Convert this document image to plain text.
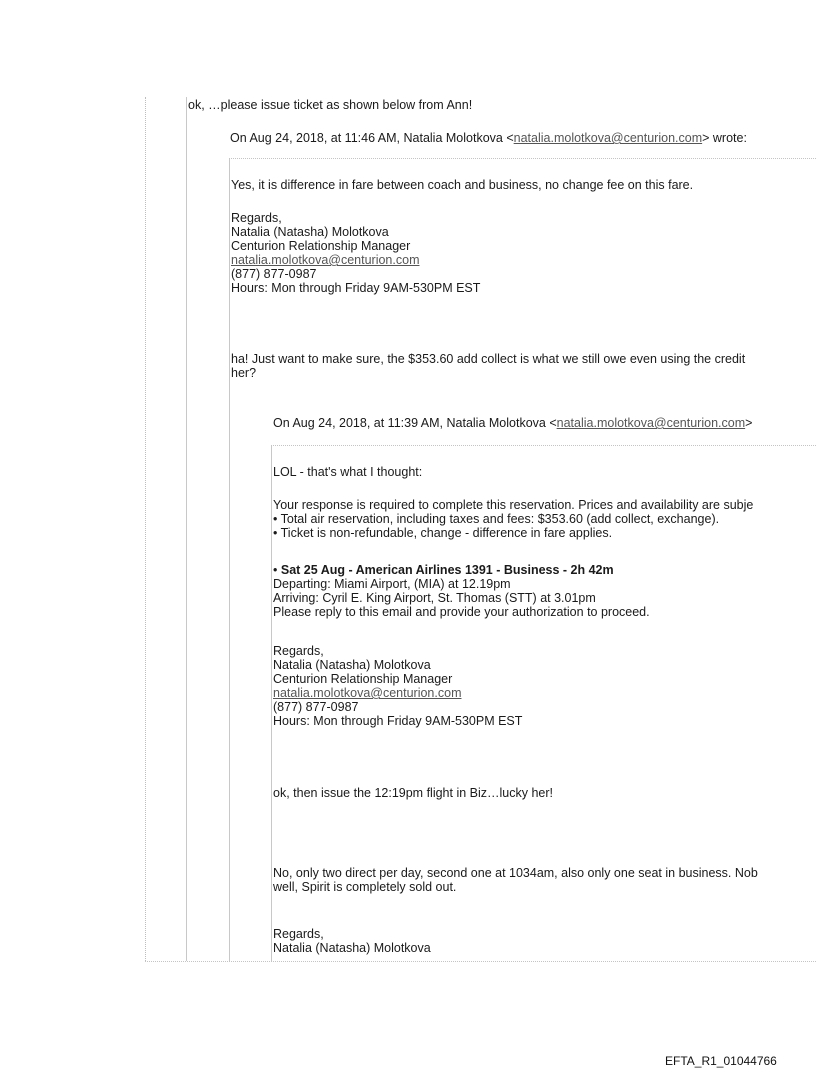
ok, …please issue ticket as shown below from Ann!
On Aug 24, 2018, at 11:46 AM, Natalia Molotkova <natalia.molotkova@centurion.com> wrote:
Yes, it is difference in fare between coach and business, no change fee on this fare.
Regards,
Natalia (Natasha) Molotkova
Centurion Relationship Manager
natalia.molotkova@centurion.com
(877) 877-0987
Hours: Mon through Friday 9AM-530PM EST
ha! Just want to make sure, the $353.60 add collect is what we still owe even using the credit
her?
On Aug 24, 2018, at 11:39 AM, Natalia Molotkova <natalia.molotkova@centurion.com>
LOL - that's what I thought:
Your response is required to complete this reservation. Prices and availability are subje
• Total air reservation, including taxes and fees: $353.60 (add collect, exchange).
• Ticket is non-refundable, change - difference in fare applies.
• Sat 25 Aug - American Airlines 1391 - Business - 2h 42m
Departing: Miami Airport, (MIA) at 12.19pm
Arriving: Cyril E. King Airport, St. Thomas (STT) at 3.01pm
Please reply to this email and provide your authorization to proceed.
Regards,
Natalia (Natasha) Molotkova
Centurion Relationship Manager
natalia.molotkova@centurion.com
(877) 877-0987
Hours: Mon through Friday 9AM-530PM EST
ok, then issue the 12:19pm flight in Biz…lucky her!
No, only two direct per day, second one at 1034am, also only one seat in business. Nob
well, Spirit is completely sold out.
Regards,
Natalia (Natasha) Molotkova
EFTA_R1_01044766
